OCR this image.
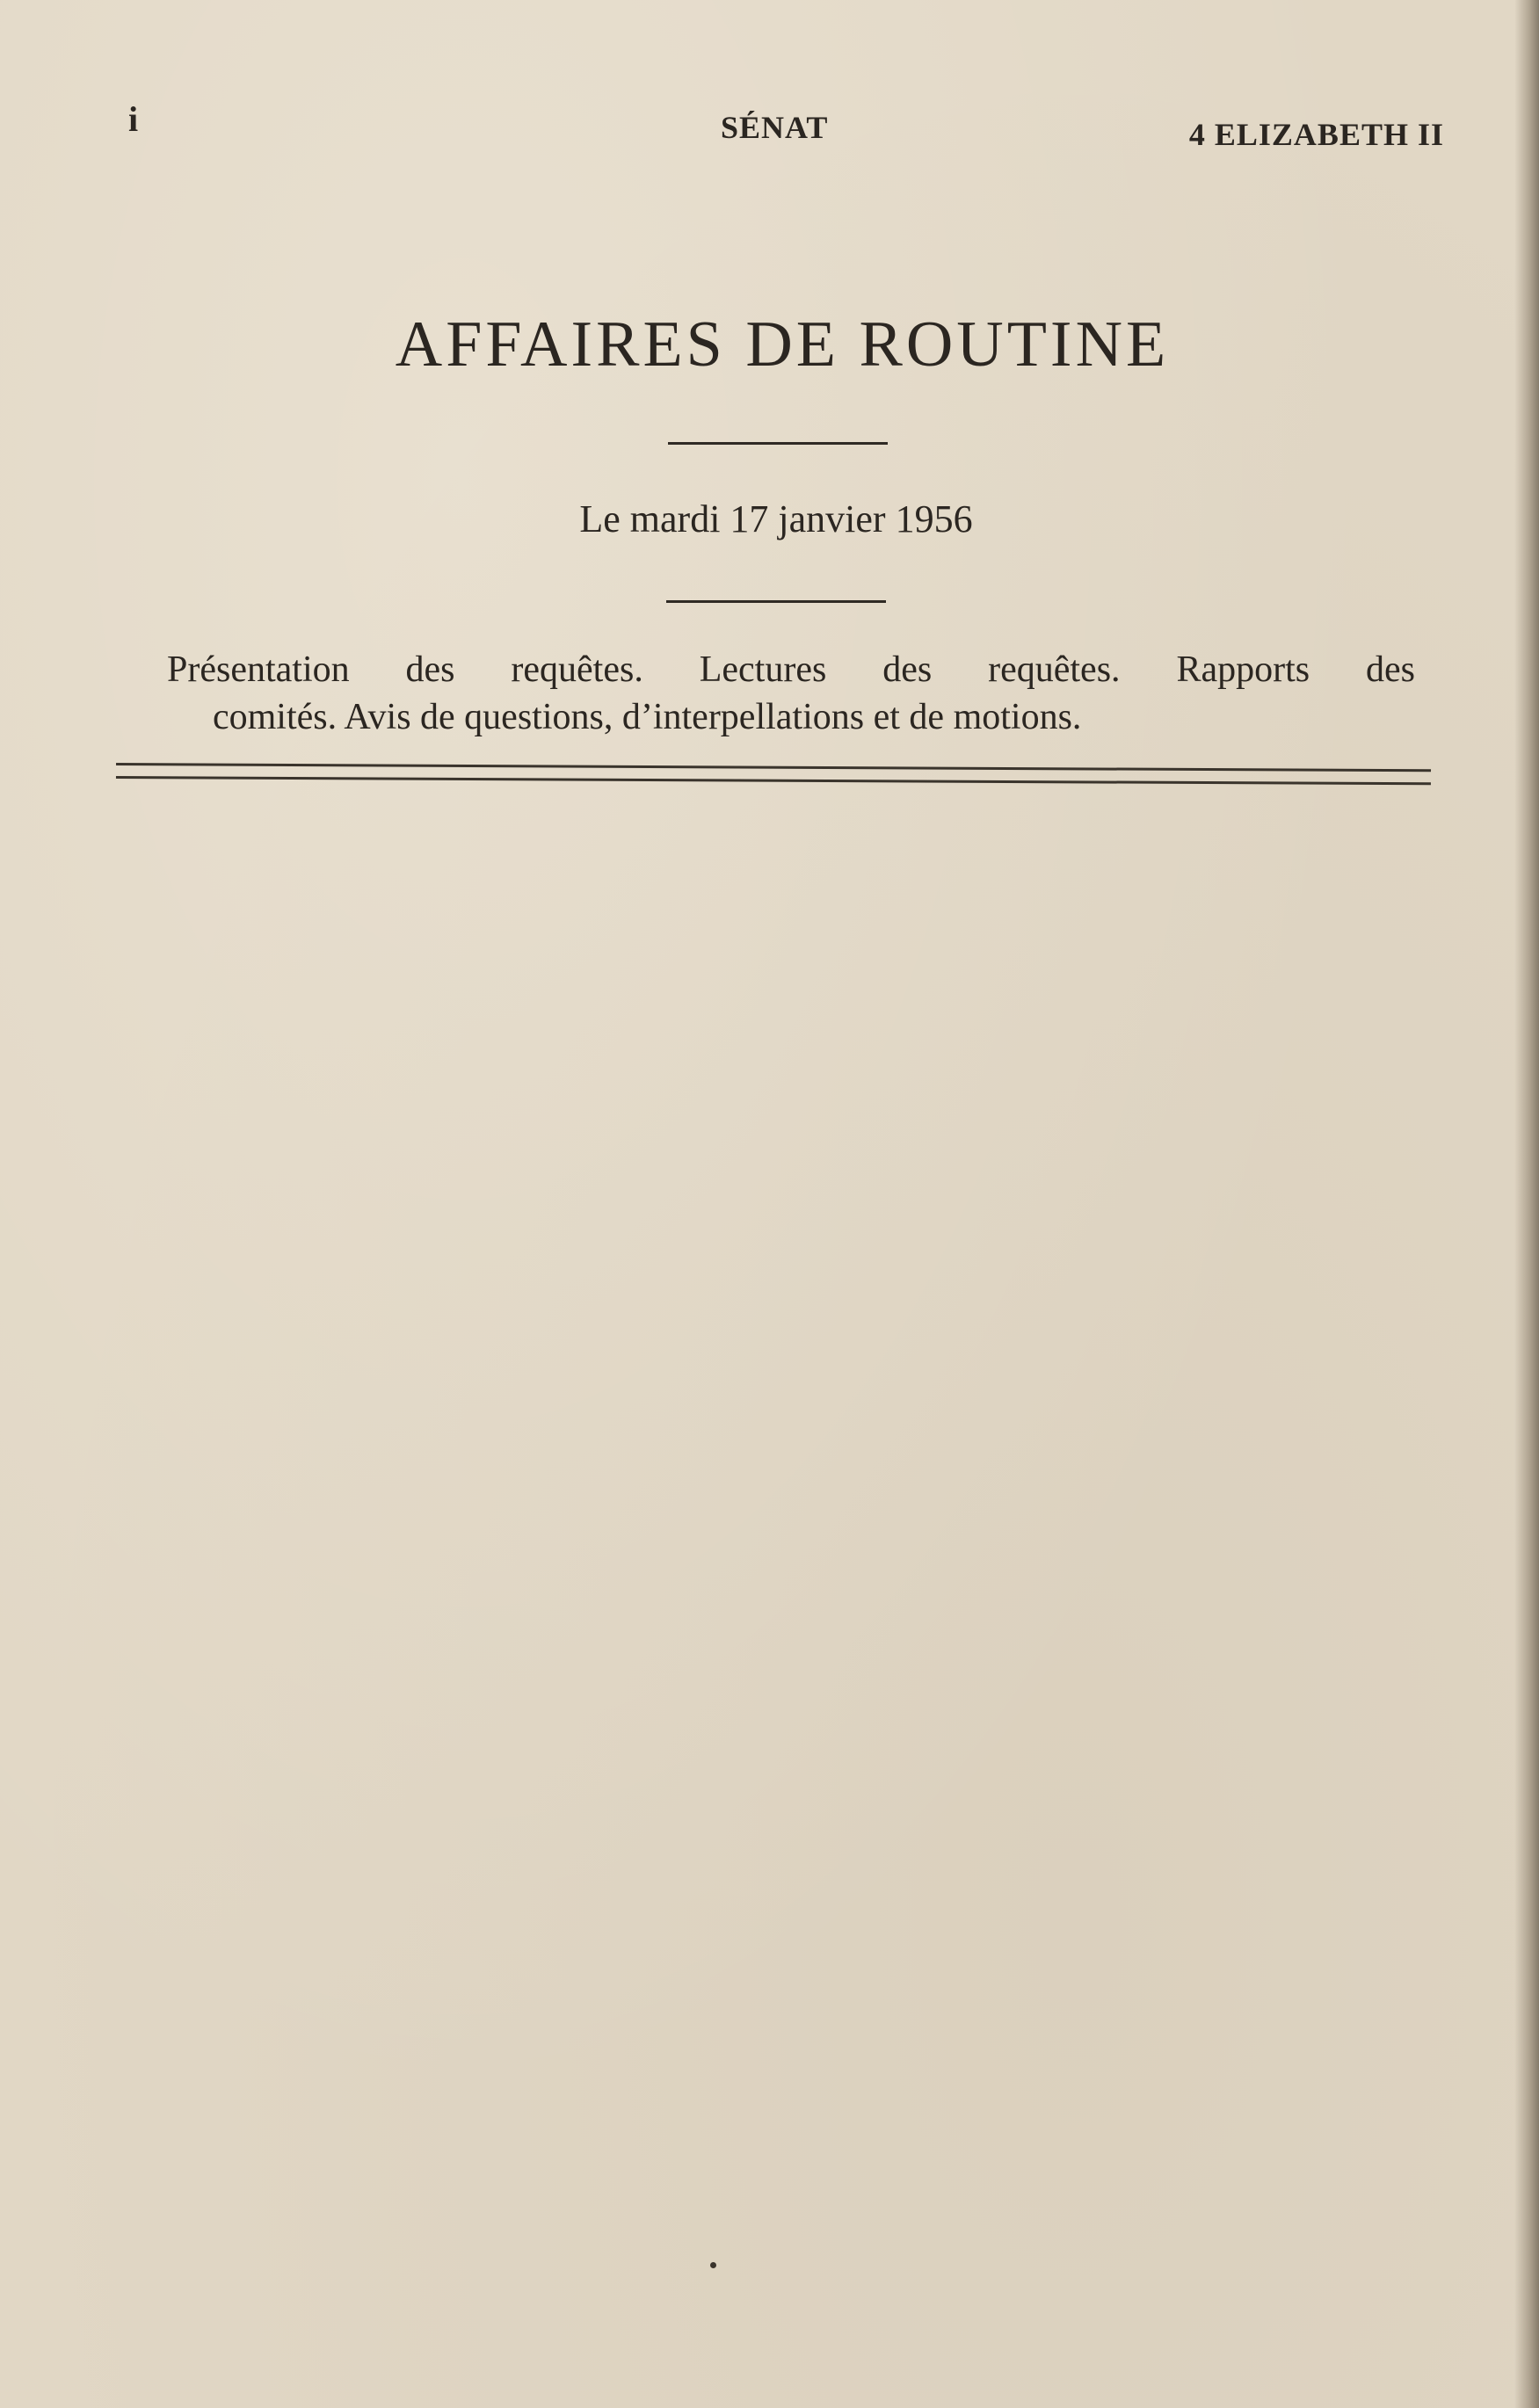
i	SÉNAT	4 ELIZABETH II
AFFAIRES DE ROUTINE
Le mardi 17 janvier 1956
Présentation des requêtes. Lectures des requêtes. Rapports des
comités. Avis de questions, d’interpellations et de motions.
